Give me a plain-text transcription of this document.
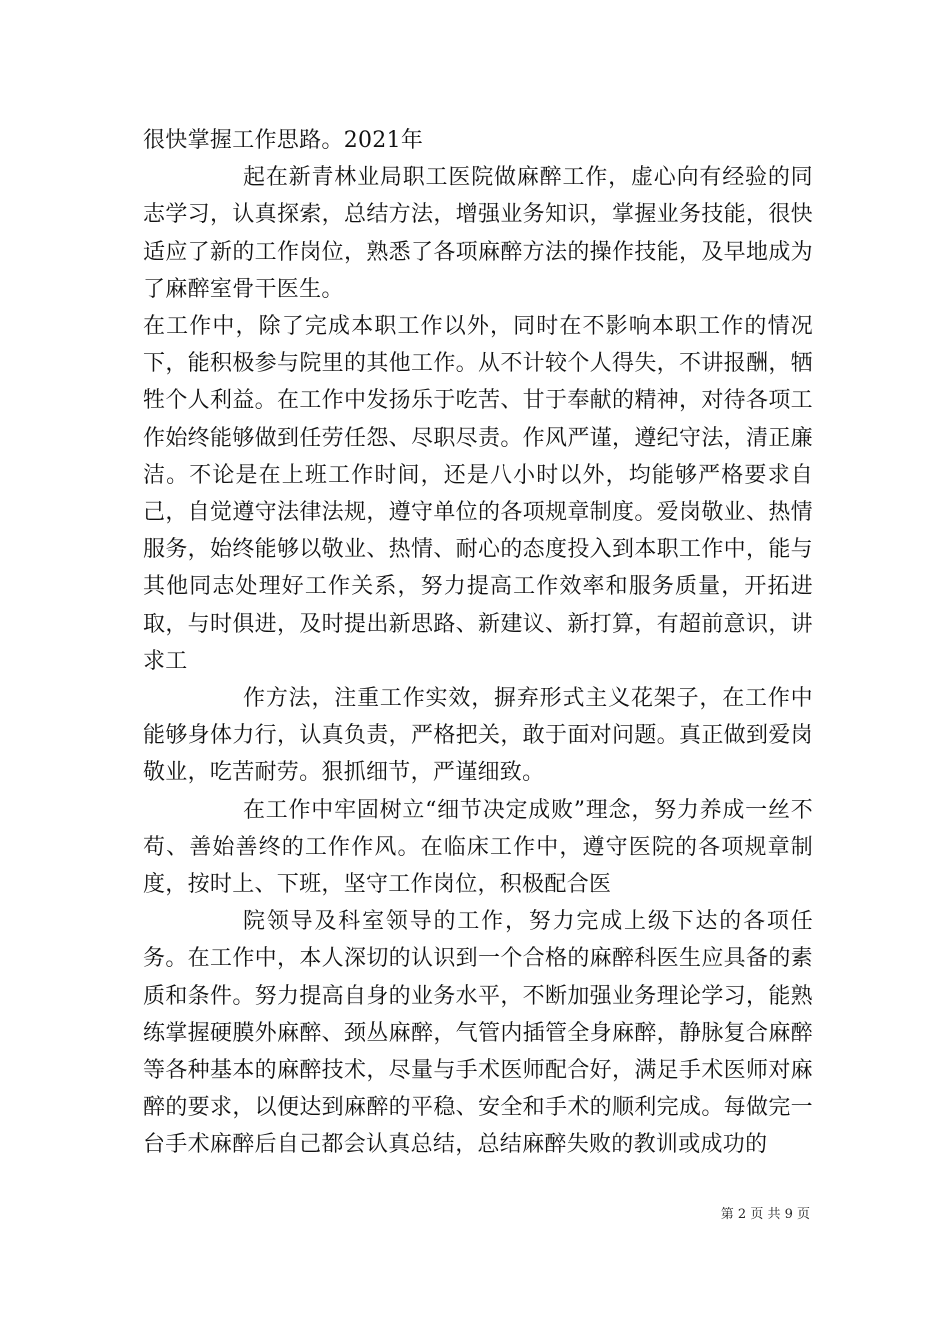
很快掌握工作思路。2021年

起在新青林业局职工医院做麻醉工作，虚心向有经验的同志学习，认真探索，总结方法，增强业务知识，掌握业务技能，很快适应了新的工作岗位，熟悉了各项麻醉方法的操作技能，及早地成为了麻醉室骨干医生。

在工作中，除了完成本职工作以外，同时在不影响本职工作的情况下，能积极参与院里的其他工作。从不计较个人得失，不讲报酬，牺牲个人利益。在工作中发扬乐于吃苦、甘于奉献的精神，对待各项工作始终能够做到任劳任怨、尽职尽责。作风严谨，遵纪守法，清正廉洁。不论是在上班工作时间，还是八小时以外，均能够严格要求自己，自觉遵守法律法规，遵守单位的各项规章制度。爱岗敬业、热情服务，始终能够以敬业、热情、耐心的态度投入到本职工作中，能与其他同志处理好工作关系，努力提高工作效率和服务质量，开拓进取，与时俱进，及时提出新思路、新建议、新打算，有超前意识，讲求工

作方法，注重工作实效，摒弃形式主义花架子，在工作中能够身体力行，认真负责，严格把关，敢于面对问题。真正做到爱岗敬业，吃苦耐劳。狠抓细节，严谨细致。

在工作中牢固树立“细节决定成败”理念，努力养成一丝不苟、善始善终的工作作风。在临床工作中，遵守医院的各项规章制度，按时上、下班，坚守工作岗位，积极配合医

院领导及科室领导的工作，努力完成上级下达的各项任务。在工作中，本人深切的认识到一个合格的麻醉科医生应具备的素质和条件。努力提高自身的业务水平，不断加强业务理论学习，能熟练掌握硬膜外麻醉、颈丛麻醉，气管内插管全身麻醉，静脉复合麻醉等各种基本的麻醉技术，尽量与手术医师配合好，满足手术医师对麻醉的要求，以便达到麻醉的平稳、安全和手术的顺利完成。每做完一台手术麻醉后自己都会认真总结，总结麻醉失败的教训或成功的

第 2 页 共 9 页
